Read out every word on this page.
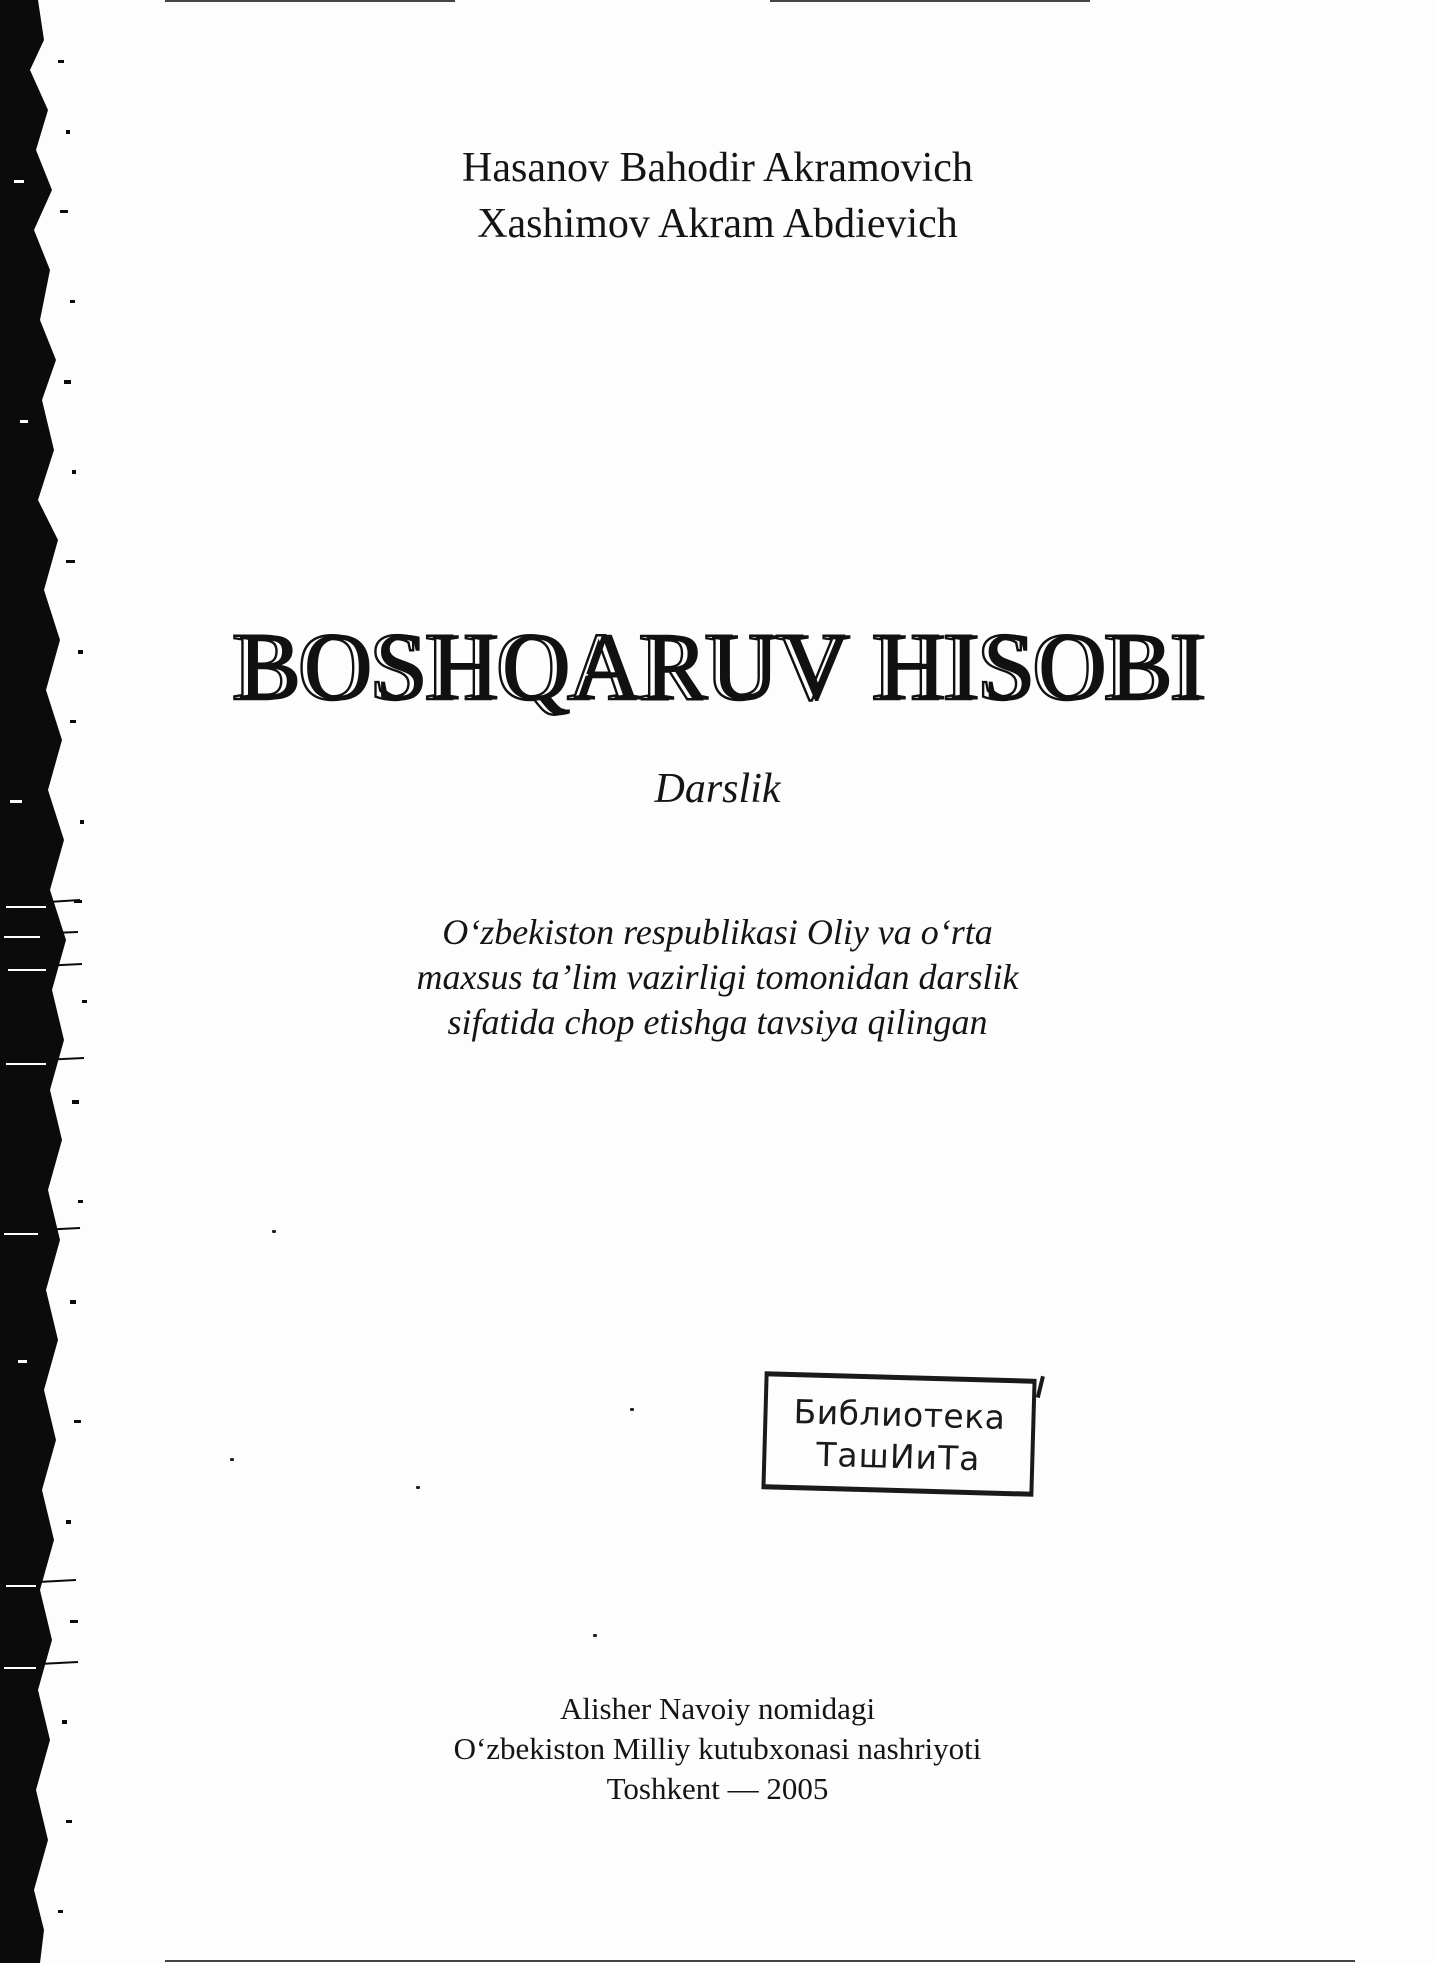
Hasanov Bahodir Akramovich
Xashimov Akram Abdievich
BOSHQARUV HISOBI BOSHQARUV HISOBI
Darslik
O‘zbekiston respublikasi Oliy va o‘rta
maxsus ta’lim vazirligi tomonidan darslik
sifatida chop etishga tavsiya qilingan
Библиотека
ТашИиТа
Alisher Navoiy nomidagi
O‘zbekiston Milliy kutubxonasi nashriyoti
Toshkent — 2005
